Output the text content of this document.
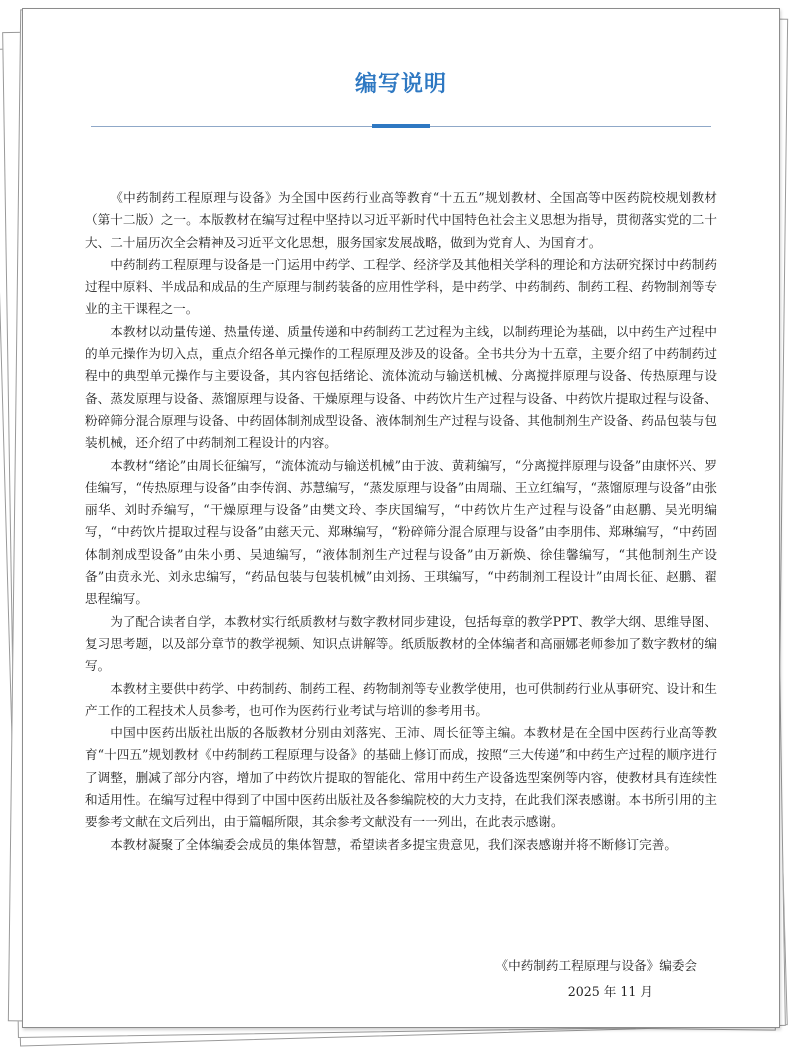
编写说明

《中药制药工程原理与设备》为全国中医药行业高等教育“十五五”规划教材、全国高等中医药院校规划教材（第十二版）之一。本版教材在编写过程中坚持以习近平新时代中国特色社会主义思想为指导，贯彻落实党的二十大、二十届历次全会精神及习近平文化思想，服务国家发展战略，做到为党育人、为国育才。

中药制药工程原理与设备是一门运用中药学、工程学、经济学及其他相关学科的理论和方法研究探讨中药制药过程中原料、半成品和成品的生产原理与制药装备的应用性学科，是中药学、中药制药、制药工程、药物制剂等专业的主干课程之一。

本教材以动量传递、热量传递、质量传递和中药制药工艺过程为主线，以制药理论为基础，以中药生产过程中的单元操作为切入点，重点介绍各单元操作的工程原理及涉及的设备。全书共分为十五章，主要介绍了中药制药过程中的典型单元操作与主要设备，其内容包括绪论、流体流动与输送机械、分离搅拌原理与设备、传热原理与设备、蒸发原理与设备、蒸馏原理与设备、干燥原理与设备、中药饮片生产过程与设备、中药饮片提取过程与设备、粉碎筛分混合原理与设备、中药固体制剂成型设备、液体制剂生产过程与设备、其他制剂生产设备、药品包装与包装机械，还介绍了中药制剂工程设计的内容。

本教材“绪论”由周长征编写，“流体流动与输送机械”由于波、黄莉编写，“分离搅拌原理与设备”由康怀兴、罗佳编写，“传热原理与设备”由李传润、苏慧编写，“蒸发原理与设备”由周瑞、王立红编写，“蒸馏原理与设备”由张丽华、刘时乔编写，“干燥原理与设备”由樊文玲、李庆国编写，“中药饮片生产过程与设备”由赵鹏、吴光明编写，“中药饮片提取过程与设备”由慈天元、郑琳编写，“粉碎筛分混合原理与设备”由李朋伟、郑琳编写，“中药固体制剂成型设备”由朱小勇、吴迪编写，“液体制剂生产过程与设备”由万新焕、徐佳馨编写，“其他制剂生产设备”由贲永光、刘永忠编写，“药品包装与包装机械”由刘扬、王琪编写，“中药制剂工程设计”由周长征、赵鹏、翟思程编写。

为了配合读者自学，本教材实行纸质教材与数字教材同步建设，包括每章的教学PPT、教学大纲、思维导图、复习思考题，以及部分章节的教学视频、知识点讲解等。纸质版教材的全体编者和高丽娜老师参加了数字教材的编写。

本教材主要供中药学、中药制药、制药工程、药物制剂等专业教学使用，也可供制药行业从事研究、设计和生产工作的工程技术人员参考，也可作为医药行业考试与培训的参考用书。

中国中医药出版社出版的各版教材分别由刘落宪、王沛、周长征等主编。本教材是在全国中医药行业高等教育“十四五”规划教材《中药制药工程原理与设备》的基础上修订而成，按照“三大传递”和中药生产过程的顺序进行了调整，删减了部分内容，增加了中药饮片提取的智能化、常用中药生产设备选型案例等内容，使教材具有连续性和适用性。在编写过程中得到了中国中医药出版社及各参编院校的大力支持，在此我们深表感谢。本书所引用的主要参考文献在文后列出，由于篇幅所限，其余参考文献没有一一列出，在此表示感谢。

本教材凝聚了全体编委会成员的集体智慧，希望读者多提宝贵意见，我们深表感谢并将不断修订完善。

《中药制药工程原理与设备》编委会
2025 年 11 月
